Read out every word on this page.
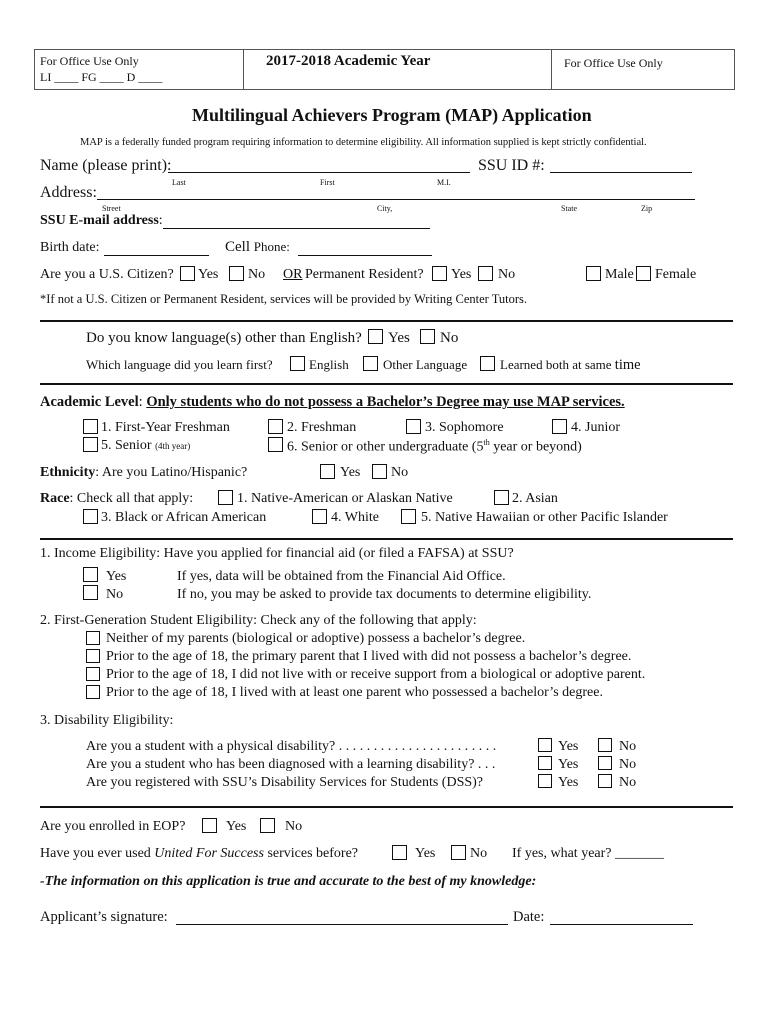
For Office Use Only
LI ____ FG ____ D ____
2017-2018 Academic Year	For Office Use Only
Multilingual Achievers Program (MAP) Application
MAP is a federally funded program requiring information to determine eligibility. All information supplied is kept strictly confidential.
Name (please print):
Last	First	M.I.
SSU ID #:
Address:
Street	City,	State	Zip
SSU E-mail address:
Birth date:	Cell Phone:
Are you a U.S. Citizen? Yes No OR Permanent Resident? Yes No	Male Female
*If not a U.S. Citizen or Permanent Resident, services will be provided by Writing Center Tutors.
Do you know language(s) other than English? Yes No
Which language did you learn first?	English	Other Language	Learned both at same time
Academic Level: Only students who do not possess a Bachelor’s Degree may use MAP services.
1. First-Year Freshman	2. Freshman	3. Sophomore	4. Junior
5. Senior (4th year)	6. Senior or other undergraduate (5th year or beyond)
Ethnicity: Are you Latino/Hispanic?	Yes No
Race: Check all that apply:	1. Native-American or Alaskan Native	2. Asian
3. Black or African American	4. White	5. Native Hawaiian or other Pacific Islander
1. Income Eligibility: Have you applied for financial aid (or filed a FAFSA) at SSU?
Yes	If yes, data will be obtained from the Financial Aid Office.
No	If no, you may be asked to provide tax documents to determine eligibility.
2. First-Generation Student Eligibility: Check any of the following that apply:
Neither of my parents (biological or adoptive) possess a bachelor’s degree.
Prior to the age of 18, the primary parent that I lived with did not possess a bachelor’s degree.
Prior to the age of 18, I did not live with or receive support from a biological or adoptive parent.
Prior to the age of 18, I lived with at least one parent who possessed a bachelor’s degree.
3. Disability Eligibility:
Are you a student with a physical disability? . . . . . . . . . . . . . . . . . . . . . . .	Yes	No
Are you a student who has been diagnosed with a learning disability? . . .	Yes	No
Are you registered with SSU’s Disability Services for Students (DSS)?	Yes	No
Are you enrolled in EOP?	Yes	No
Have you ever used United For Success services before?	Yes No If yes, what year? _______
-The information on this application is true and accurate to the best of my knowledge:
Applicant’s signature:	Date:
